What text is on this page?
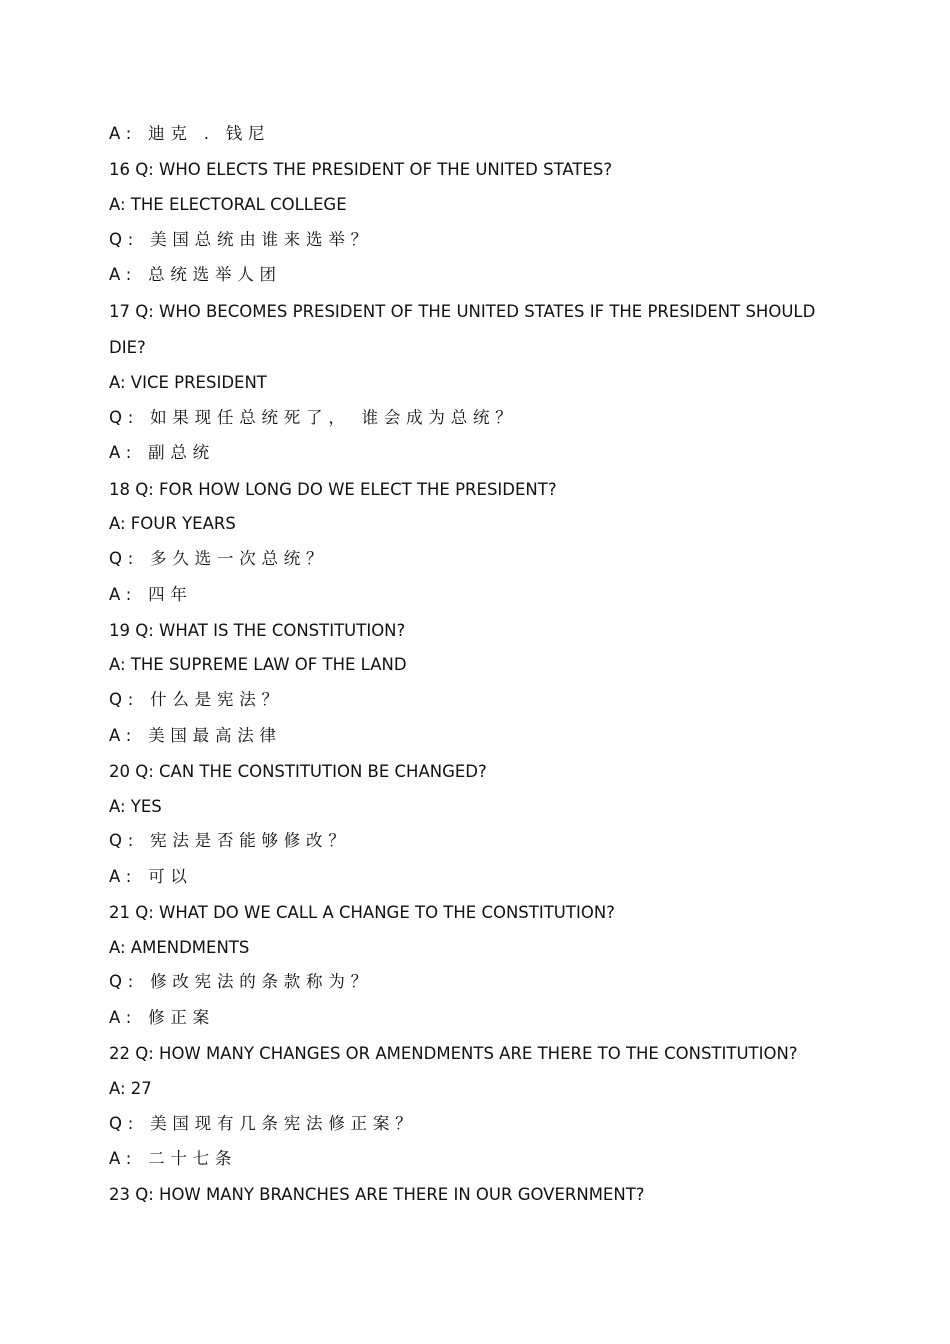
A: 迪克 . 钱尼
16 Q: WHO ELECTS THE PRESIDENT OF THE UNITED STATES?
A: THE ELECTORAL COLLEGE
Q: 美国总统由谁来选举？
A: 总统选举人团
17 Q: WHO BECOMES PRESIDENT OF THE UNITED STATES IF THE PRESIDENT SHOULD
DIE?
A: VICE PRESIDENT
Q: 如果现任总统死了， 谁会成为总统？
A: 副总统
18 Q: FOR HOW LONG DO WE ELECT THE PRESIDENT?
A: FOUR YEARS
Q: 多久选一次总统？
A: 四年
19 Q: WHAT IS THE CONSTITUTION?
A: THE SUPREME LAW OF THE LAND
Q: 什么是宪法？
A: 美国最高法律
20 Q: CAN THE CONSTITUTION BE CHANGED?
A: YES
Q: 宪法是否能够修改？
A: 可以
21 Q: WHAT DO WE CALL A CHANGE TO THE CONSTITUTION?
A: AMENDMENTS
Q: 修改宪法的条款称为？
A: 修正案
22 Q: HOW MANY CHANGES OR AMENDMENTS ARE THERE TO THE CONSTITUTION?
A: 27
Q: 美国现有几条宪法修正案？
A: 二十七条
23 Q: HOW MANY BRANCHES ARE THERE IN OUR GOVERNMENT?
